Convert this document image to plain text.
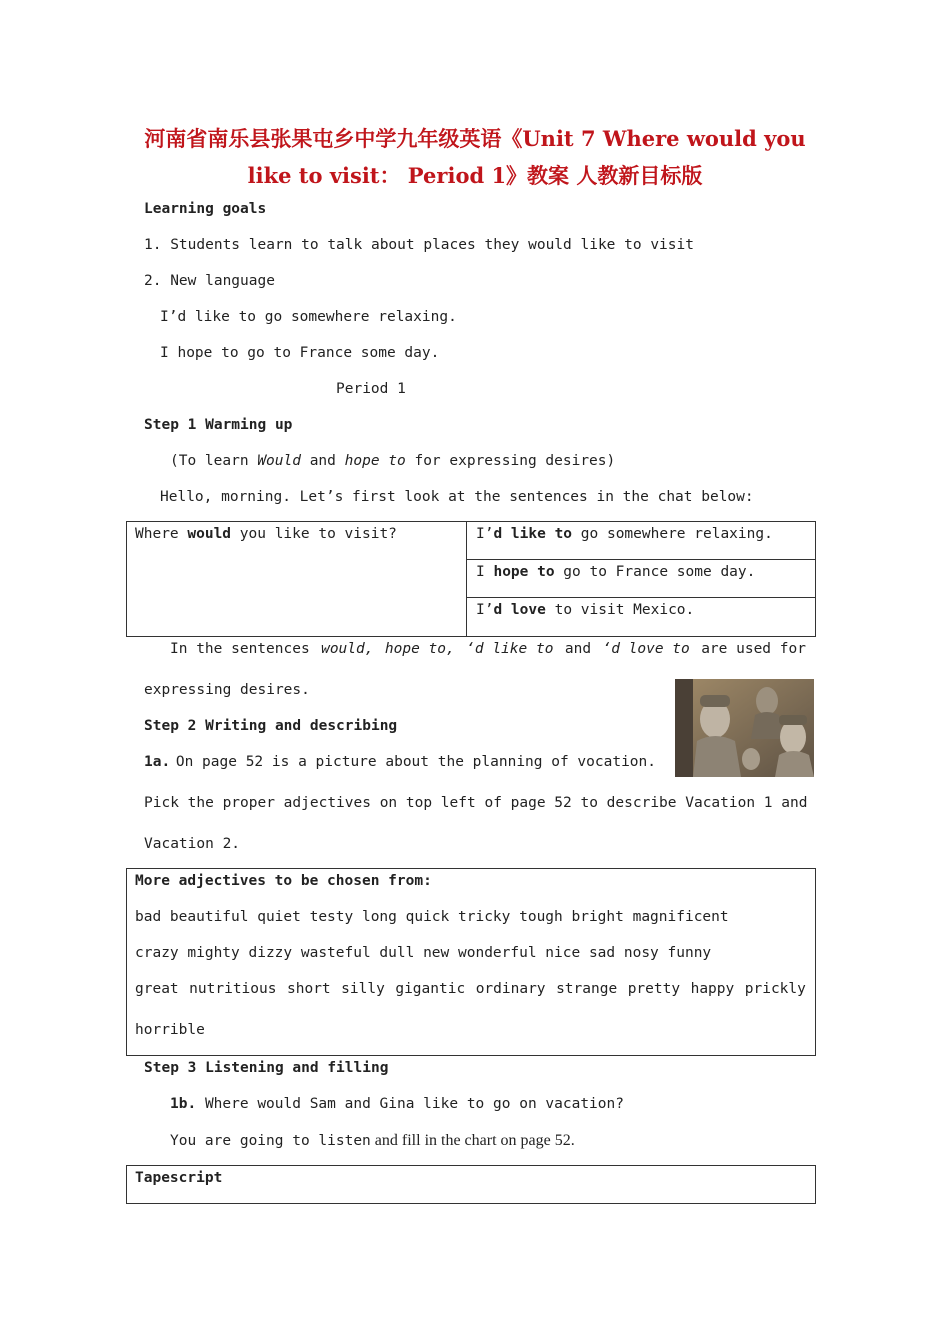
河南省南乐县张果屯乡中学九年级英语《Unit 7 Where would you
like to visit： Period 1》教案 人教新目标版
Learning goals
1. Students learn to talk about places they would like to visit
2. New language
I’d like to go somewhere relaxing.
I hope to go to France some day.
Period 1
Step 1 Warming up
(To learn Would and hope to for expressing desires)
Hello, morning. Let’s first look at the sentences in the chat below:
Where would you like to visit?	I’d like to go somewhere relaxing.
I hope to go to France some day.
I’d love to visit Mexico.
In the sentences would, hope to, ‘d like to and ‘d love to are used for
expressing desires.
Step 2 Writing and describing
1a. On page 52 is a picture about the planning of vocation.
Pick the proper adjectives on top left of page 52 to describe Vacation 1 and
Vacation 2.
More adjectives to be chosen from:
bad beautiful quiet testy long quick tricky tough bright magnificent
crazy mighty dizzy wasteful dull new wonderful nice sad nosy funny
great nutritious short silly gigantic ordinary strange pretty happy prickly
horrible
Step 3 Listening and filling
1b. Where would Sam and Gina like to go on vacation?
You are going to listen and fill in the chart on page 52.
Tapescript
